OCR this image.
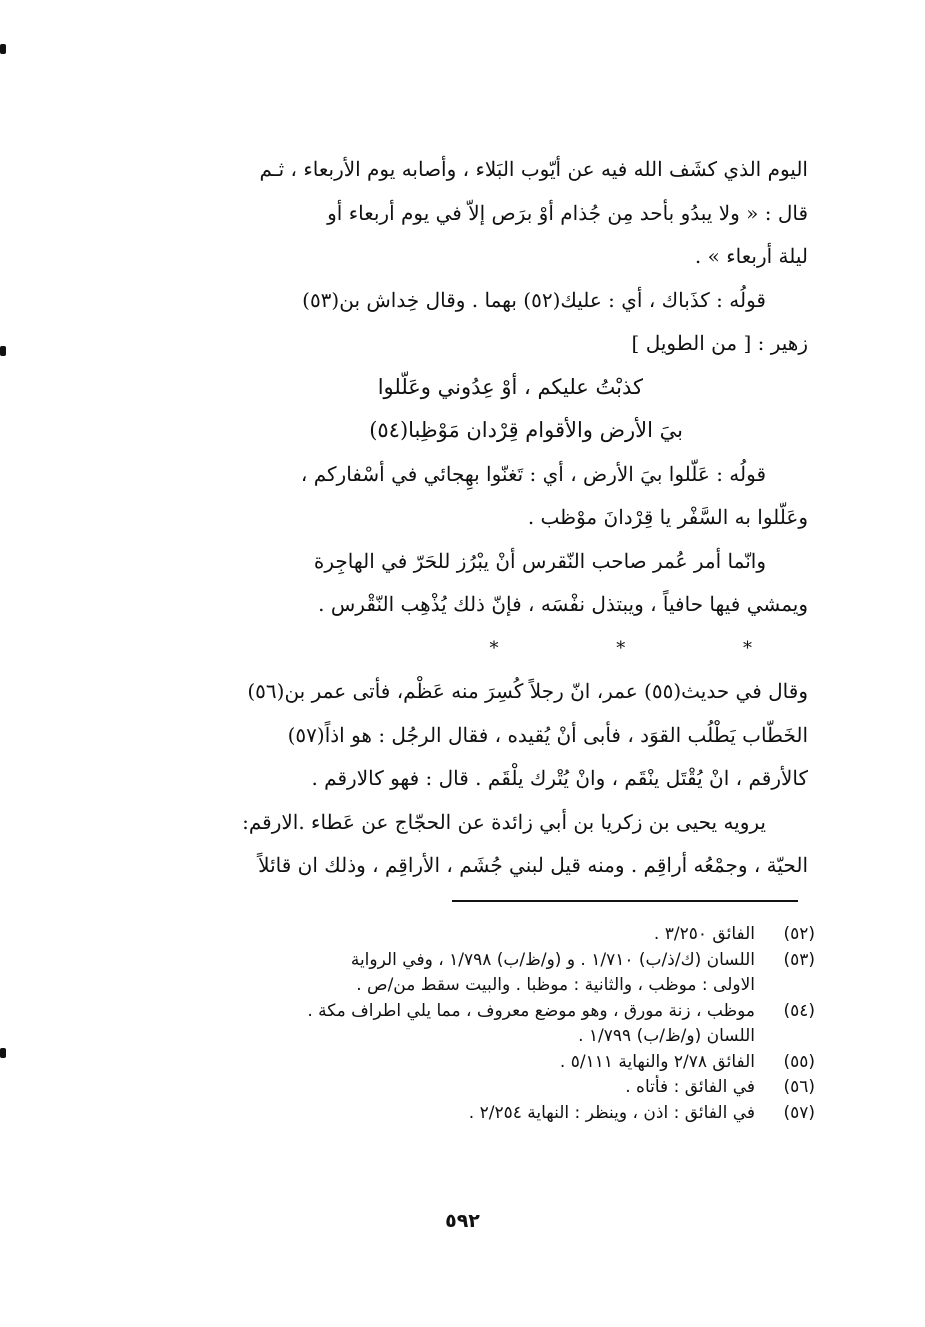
اليوم الذي كشَف الله فيه عن أيّوب البَلاء ، وأصابه يوم الأربعاء ، ثـم
قال : « ولا يبدُو بأحد مِن جُذام أوْ برَص إلاّ في يوم أربعاء أو
ليلة أربعاء » .
قولُه : كذَباك ، أي : عليك(٥٢) بهما . وقال خِداش بن(٥٣)
زهير : [ من الطويل ]
كذبْتُ عليكم ، أوْ عِدُوني وعَلّلوا
بيَ الأرض والأقوام قِرْدان مَوْظِبا(٥٤)
قولُه : عَلّلوا بيَ الأرض ، أي : تَغنّوا بهِجائي في أسْفاركم ،
وعَلّلوا به السَّفْر يا قِرْدانَ موْظب .
وانّما أمر عُمر صاحب النّقرس أنْ يبْرُز للحَرّ في الهاجِرة
ويمشي فيها حافياً ، ويبتذل نفْسَه ، فإنّ ذلك يُذْهِب النّقْرس .
* * *
وقال في حديث(٥٥) عمر، انّ رجلاً كُسِرَ منه عَظْم، فأتى عمر بن(٥٦)
الخَطّاب يَطْلُب القوَد ، فأبى أنْ يُقيده ، فقال الرجُل : هو اذاً(٥٧)
كالأرقم ، انْ يُقْتَل ينْقَم ، وانْ يُتْرك يلْقَم . قال : فهو كالارقم .
يرويه يحيى بن زكريا بن أبي زائدة عن الحجّاج عن عَطاء .الارقم:
الحيّة ، وجمْعُه أراقِم . ومنه قيل لبني جُشَم ، الأراقِم ، وذلك ان قائلاً
(٥٢)
الفائق ٣/٢٥٠ .
(٥٣)
اللسان (ك/ذ/ب) ١/٧١٠ . و (و/ظ/ب) ١/٧٩٨ ، وفي الرواية
الاولى : موظب ، والثانية : موظبا . والبيت سقط من/ص .
(٥٤)
موظب ، زنة مورق ، وهو موضع معروف ، مما يلي اطراف مكة .
اللسان (و/ظ/ب) ١/٧٩٩ .
(٥٥)
الفائق ٢/٧٨ والنهاية ٥/١١١ .
(٥٦)
في الفائق : فأتاه .
(٥٧)
في الفائق : اذن ، وينظر : النهاية ٢/٢٥٤ .
٥٩٢
